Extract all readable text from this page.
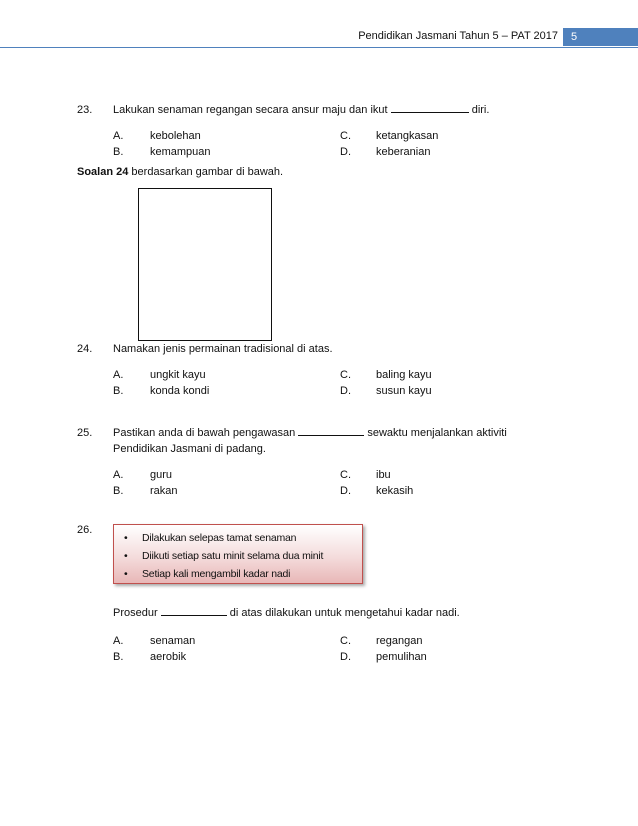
Pendidikan Jasmani Tahun 5 – PAT 2017	5
23. Lakukan senaman regangan secara ansur maju dan ikut	diri.
A. kebolehan	C. ketangkasan
B. kemampuan	D. keberanian
Soalan 24 berdasarkan gambar di bawah.
24. Namakan jenis permainan tradisional di atas.
A. ungkit kayu	C. baling kayu
B. konda kondi	D. susun kayu
25. Pastikan anda di bawah pengawasan	sewaktu menjalankan aktiviti Pendidikan Jasmani di padang.
A. guru	C. ibu
B. rakan	D. kekasih
26.
• Dilakukan selepas tamat senaman
• Diikuti setiap satu minit selama dua minit
• Setiap kali mengambil kadar nadi
Prosedur	di atas dilakukan untuk mengetahui kadar nadi.
A. senaman	C. regangan
B. aerobik	D. pemulihan
